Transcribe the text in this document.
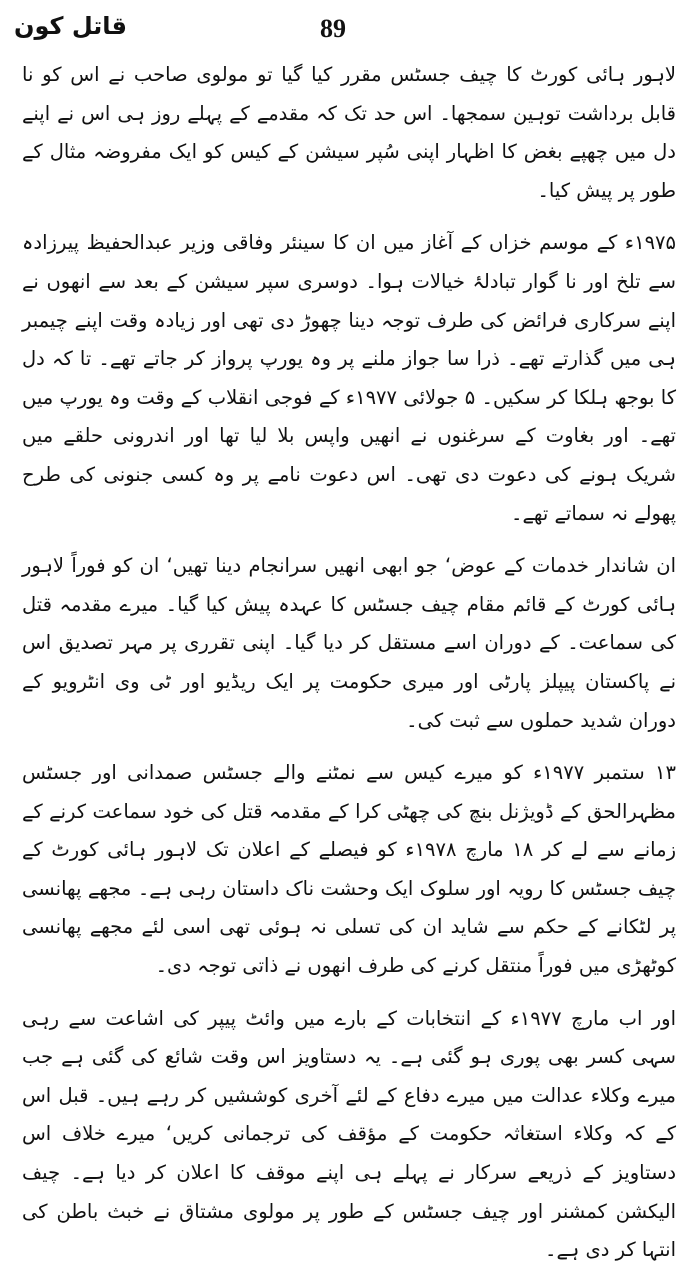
قاتل کون	89

لاہور ہائی کورٹ کا چیف جسٹس مقرر کیا گیا تو مولوی صاحب نے اس کو نا قابل برداشت توہین سمجھا۔ اس حد تک کہ مقدمے کے پہلے روز ہی اس نے اپنے دل میں چھپے بغض کا اظہار اپنی سُپر سیشن کے کیس کو ایک مفروضہ مثال کے طور پر پیش کیا۔

۱۹۷۵ء کے موسم خزاں کے آغاز میں ان کا سینئر وفاقی وزیر عبدالحفیظ پیرزادہ سے تلخ اور نا گوار تبادلۂ خیالات ہوا۔ دوسری سپر سیشن کے بعد سے انھوں نے اپنے سرکاری فرائض کی طرف توجہ دینا چھوڑ دی تھی اور زیادہ وقت اپنے چیمبر ہی میں گذارتے تھے۔ ذرا سا جواز ملنے پر وہ یورپ پرواز کر جاتے تھے۔ تا کہ دل کا بوجھ ہلکا کر سکیں۔ ۵ جولائی ۱۹۷۷ء کے فوجی انقلاب کے وقت وہ یورپ میں تھے۔ اور بغاوت کے سرغنوں نے انھیں واپس بلا لیا تھا اور اندرونی حلقے میں شریک ہونے کی دعوت دی تھی۔ اس دعوت نامے پر وہ کسی جنونی کی طرح پھولے نہ سماتے تھے۔

ان شاندار خدمات کے عوض‘ جو ابھی انھیں سرانجام دینا تھیں‘ ان کو فوراً لاہور ہائی کورٹ کے قائم مقام چیف جسٹس کا عہدہ پیش کیا گیا۔ میرے مقدمہ قتل کی سماعت۔ کے دوران اسے مستقل کر دیا گیا۔ اپنی تقرری پر مہر تصدیق اس نے پاکستان پیپلز پارٹی اور میری حکومت پر ایک ریڈیو اور ٹی وی انٹرویو کے دوران شدید حملوں سے ثبت کی۔

۱۳ ستمبر ۱۹۷۷ء کو میرے کیس سے نمٹنے والے جسٹس صمدانی اور جسٹس مظہرالحق کے ڈویژنل بنچ کی چھٹی کرا کے مقدمہ قتل کی خود سماعت کرنے کے زمانے سے لے کر ۱۸ مارچ ۱۹۷۸ء کو فیصلے کے اعلان تک لاہور ہائی کورٹ کے چیف جسٹس کا رویہ اور سلوک ایک وحشت ناک داستان رہی ہے۔ مجھے پھانسی پر لٹکانے کے حکم سے شاید ان کی تسلی نہ ہوئی تھی اسی لئے مجھے پھانسی کوٹھڑی میں فوراً منتقل کرنے کی طرف انھوں نے ذاتی توجہ دی۔

اور اب مارچ ۱۹۷۷ء کے انتخابات کے بارے میں وائٹ پیپر کی اشاعت سے رہی سہی کسر بھی پوری ہو گئی ہے۔ یہ دستاویز اس وقت شائع کی گئی ہے جب میرے وکلاء عدالت میں میرے دفاع کے لئے آخری کوششیں کر رہے ہیں۔ قبل اس کے کہ وکلاء استغاثہ حکومت کے مؤقف کی ترجمانی کریں‘ میرے خلاف اس دستاویز کے ذریعے سرکار نے پہلے ہی اپنے موقف کا اعلان کر دیا ہے۔ چیف الیکشن کمشنر اور چیف جسٹس کے طور پر مولوی مشتاق نے خبث باطن کی انتہا کر دی ہے۔
